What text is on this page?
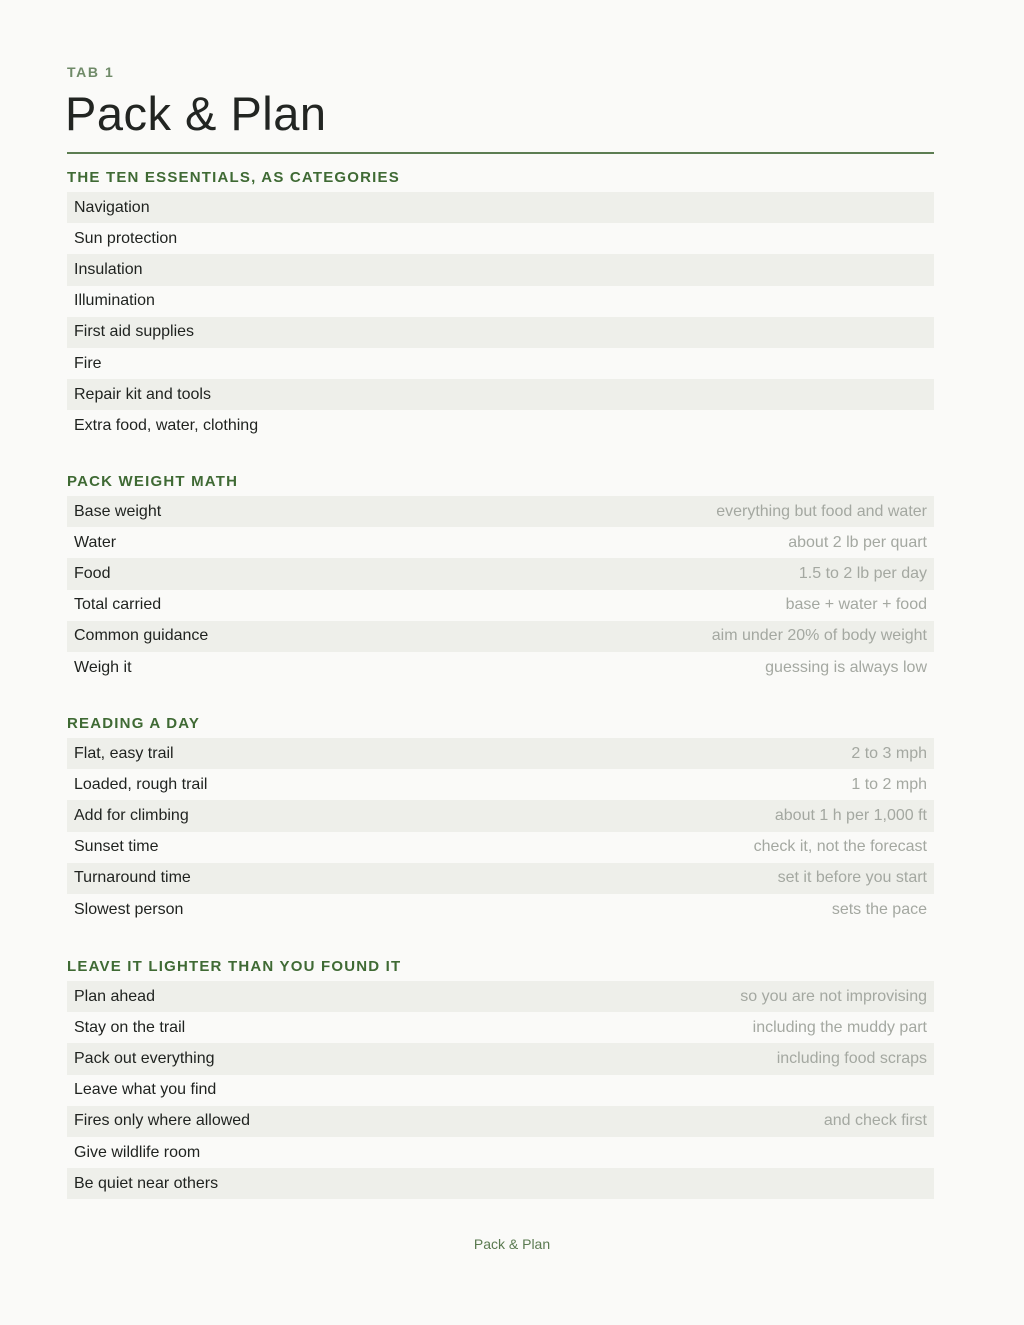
TAB 1
Pack & Plan
THE TEN ESSENTIALS, AS CATEGORIES
Navigation
Sun protection
Insulation
Illumination
First aid supplies
Fire
Repair kit and tools
Extra food, water, clothing
PACK WEIGHT MATH
Base weight	everything but food and water
Water	about 2 lb per quart
Food	1.5 to 2 lb per day
Total carried	base + water + food
Common guidance	aim under 20% of body weight
Weigh it	guessing is always low
READING A DAY
Flat, easy trail	2 to 3 mph
Loaded, rough trail	1 to 2 mph
Add for climbing	about 1 h per 1,000 ft
Sunset time	check it, not the forecast
Turnaround time	set it before you start
Slowest person	sets the pace
LEAVE IT LIGHTER THAN YOU FOUND IT
Plan ahead	so you are not improvising
Stay on the trail	including the muddy part
Pack out everything	including food scraps
Leave what you find
Fires only where allowed	and check first
Give wildlife room
Be quiet near others
Pack & Plan
